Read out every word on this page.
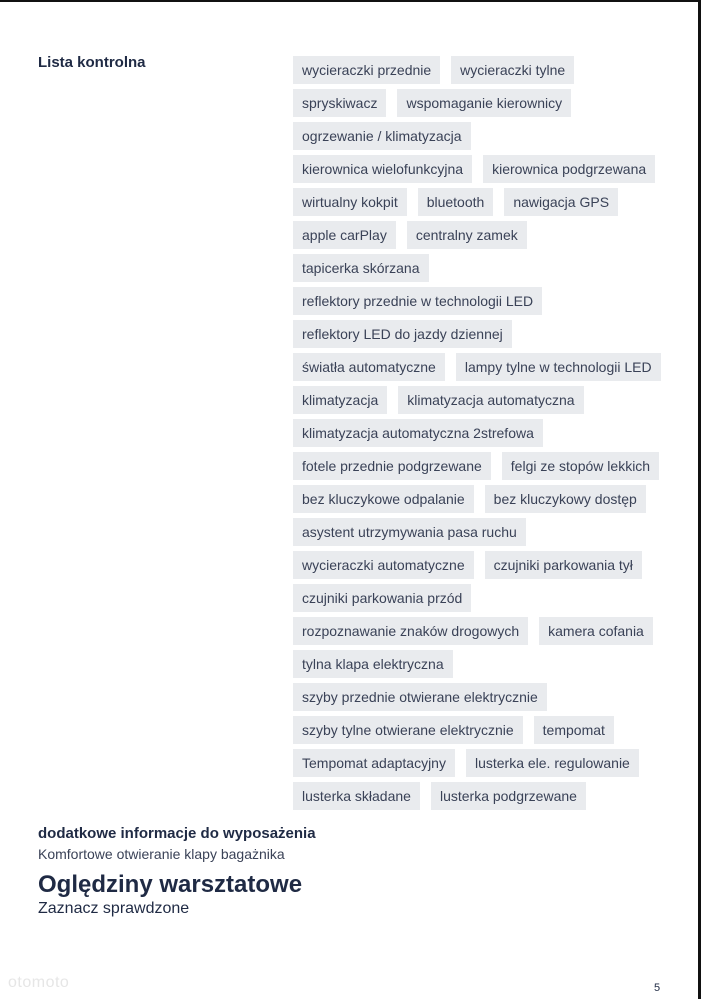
Lista kontrolna	wycieraczki przednie	wycieraczki tylne
spryskiwacz	wspomaganie kierownicy
ogrzewanie / klimatyzacja
kierownica wielofunkcyjna	kierownica podgrzewana
wirtualny kokpit	bluetooth	nawigacja GPS
apple carPlay	centralny zamek
tapicerka skórzana
reflektory przednie w technologii LED
reflektory LED do jazdy dziennej
światła automatyczne	lampy tylne w technologii LED
klimatyzacja	klimatyzacja automatyczna
klimatyzacja automatyczna 2strefowa
fotele przednie podgrzewane	felgi ze stopów lekkich
bez kluczykowe odpalanie	bez kluczykowy dostęp
asystent utrzymywania pasa ruchu
wycieraczki automatyczne	czujniki parkowania tył
czujniki parkowania przód
rozpoznawanie znaków drogowych	kamera cofania
tylna klapa elektryczna
szyby przednie otwierane elektrycznie
szyby tylne otwierane elektrycznie	tempomat
Tempomat adaptacyjny	lusterka ele. regulowanie
lusterka składane	lusterka podgrzewane
dodatkowe informacje do wyposażenia
Komfortowe otwieranie klapy bagażnika
Oględziny warsztatowe
Zaznacz sprawdzone
otomoto	5
